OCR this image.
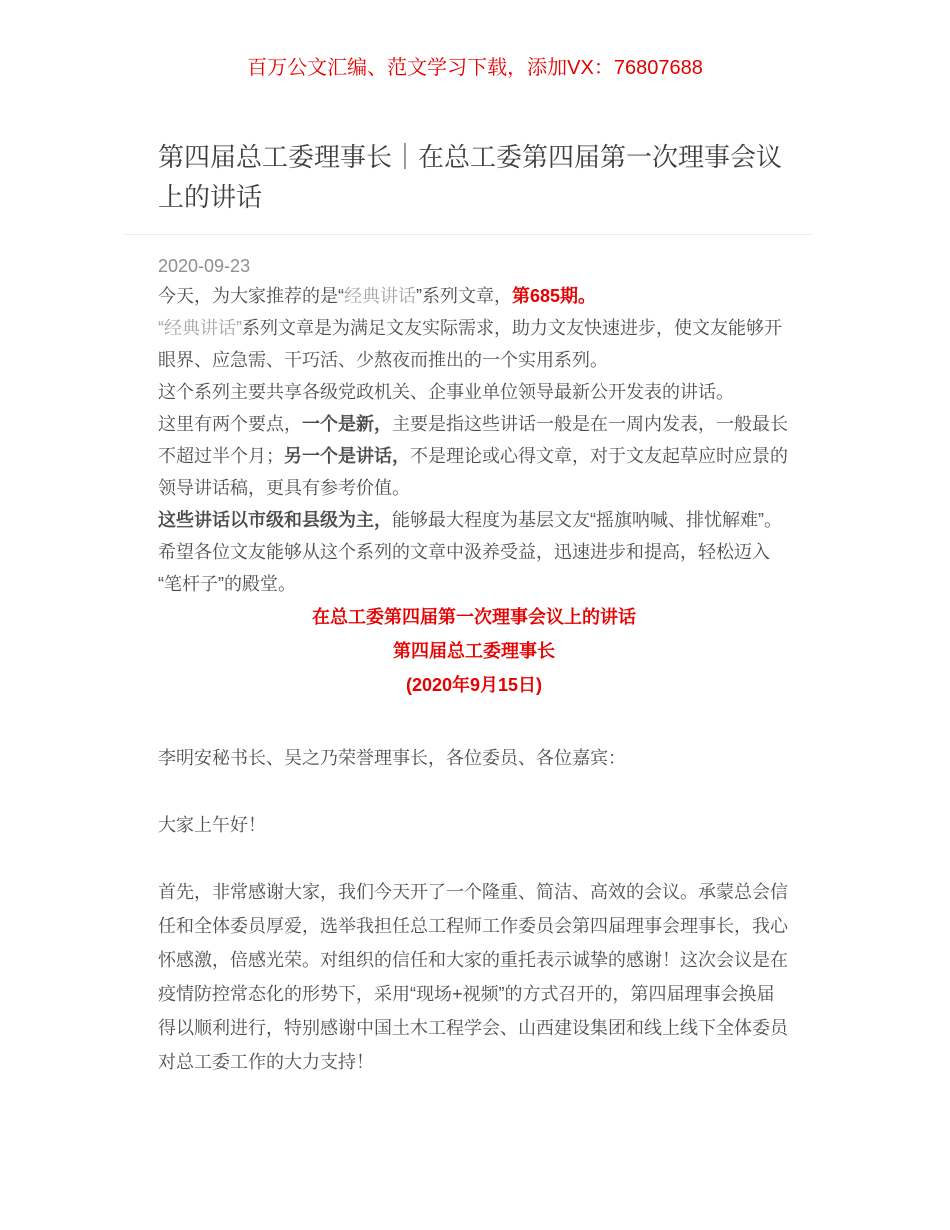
百万公文汇编、范文学习下载，添加VX：76807688
第四届总工委理事长｜在总工委第四届第一次理事会议上的讲话
2020-09-23

今天，为大家推荐的是“经典讲话”系列文章，第685期。

“经典讲话”系列文章是为满足文友实际需求，助力文友快速进步，使文友能够开眼界、应急需、干巧活、少熬夜而推出的一个实用系列。

这个系列主要共享各级党政机关、企事业单位领导最新公开发表的讲话。

这里有两个要点，一个是新，主要是指这些讲话一般是在一周内发表，一般最长不超过半个月；另一个是讲话，不是理论或心得文章，对于文友起草应时应景的领导讲话稿，更具有参考价值。

这些讲话以市级和县级为主，能够最大程度为基层文友“摇旗呐喊、排忧解难”。希望各位文友能够从这个系列的文章中汲养受益，迅速进步和提高，轻松迈入“笔杆子”的殿堂。

在总工委第四届第一次理事会议上的讲话
第四届总工委理事长
(2020年9月15日)

李明安秘书长、吴之乃荣誉理事长，各位委员、各位嘉宾：

大家上午好！

首先，非常感谢大家，我们今天开了一个隆重、简洁、高效的会议。承蒙总会信任和全体委员厚爱，选举我担任总工程师工作委员会第四届理事会理事长，我心怀感激，倍感光荣。对组织的信任和大家的重托表示诚挚的感谢！这次会议是在疫情防控常态化的形势下，采用“现场+视频”的方式召开的，第四届理事会换届得以顺利进行，特别感谢中国土木工程学会、山西建设集团和线上线下全体委员对总工委工作的大力支持！
